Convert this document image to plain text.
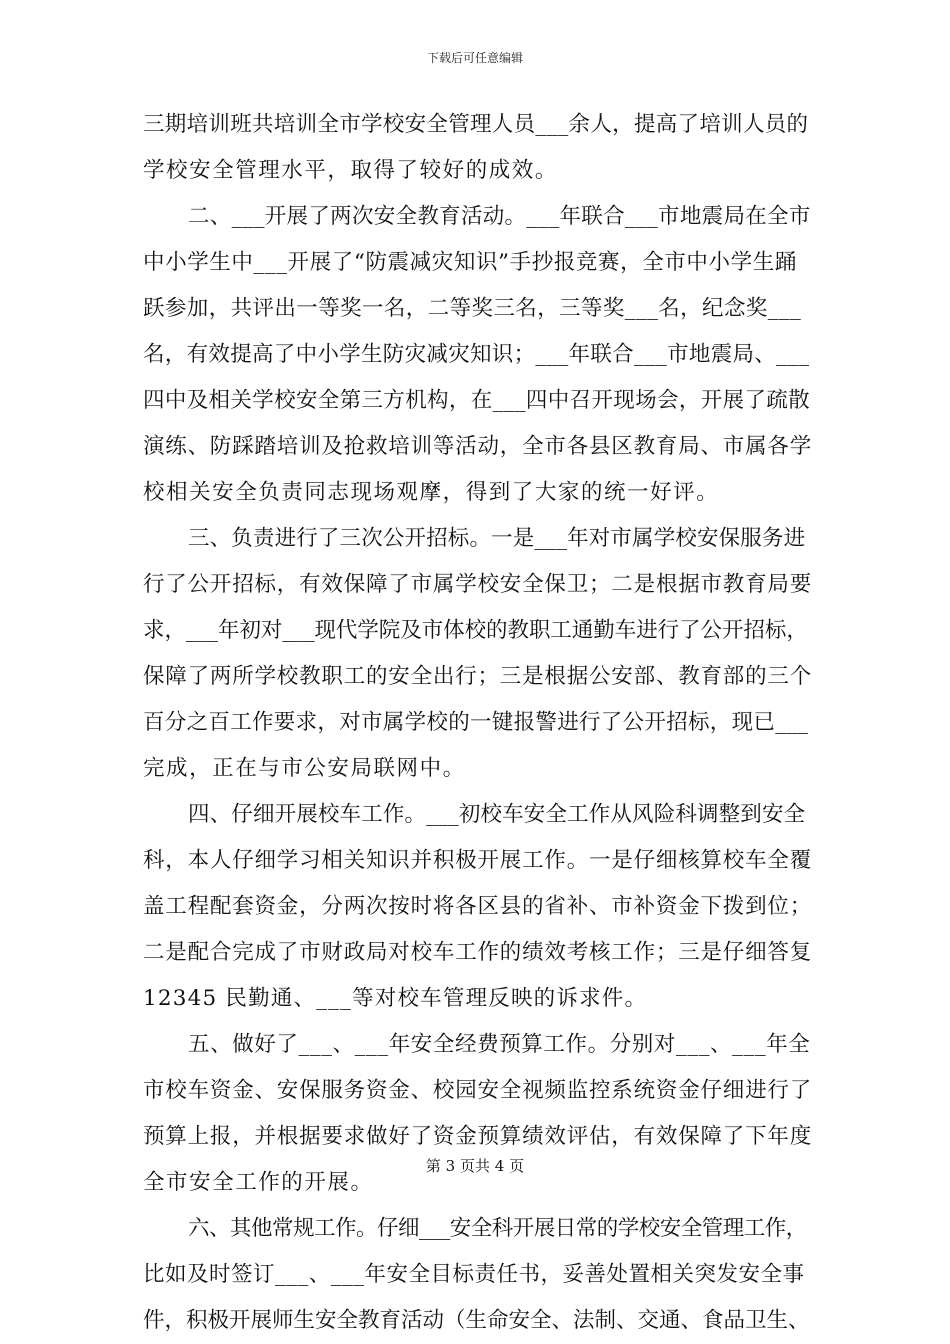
下载后可任意编辑
三期培训班共培训全市学校安全管理人员___余人，提高了培训人员的
学校安全管理水平，取得了较好的成效。
二、___开展了两次安全教育活动。___年联合___市地震局在全市
中小学生中___开展了“防震减灾知识”手抄报竞赛，全市中小学生踊
跃参加，共评出一等奖一名，二等奖三名，三等奖___名，纪念奖___
名，有效提高了中小学生防灾减灾知识；___年联合___市地震局、___
四中及相关学校安全第三方机构，在___四中召开现场会，开展了疏散
演练、防踩踏培训及抢救培训等活动，全市各县区教育局、市属各学
校相关安全负责同志现场观摩，得到了大家的统一好评。
三、负责进行了三次公开招标。一是___年对市属学校安保服务进
行了公开招标，有效保障了市属学校安全保卫；二是根据市教育局要
求，___年初对___现代学院及市体校的教职工通勤车进行了公开招标，
保障了两所学校教职工的安全出行；三是根据公安部、教育部的三个
百分之百工作要求，对市属学校的一键报警进行了公开招标，现已___
完成，正在与市公安局联网中。
四、仔细开展校车工作。___初校车安全工作从风险科调整到安全
科，本人仔细学习相关知识并积极开展工作。一是仔细核算校车全覆
盖工程配套资金，分两次按时将各区县的省补、市补资金下拨到位；
二是配合完成了市财政局对校车工作的绩效考核工作；三是仔细答复
12345 民勤通、___等对校车管理反映的诉求件。
五、做好了___、___年安全经费预算工作。分别对___、___年全
市校车资金、安保服务资金、校园安全视频监控系统资金仔细进行了
预算上报，并根据要求做好了资金预算绩效评估，有效保障了下年度
全市安全工作的开展。
六、其他常规工作。仔细___安全科开展日常的学校安全管理工作，
比如及时签订___、___年安全目标责任书，妥善处置相关突发安全事
件，积极开展师生安全教育活动（生命安全、法制、交通、食品卫生、
第 3 页共 4 页
